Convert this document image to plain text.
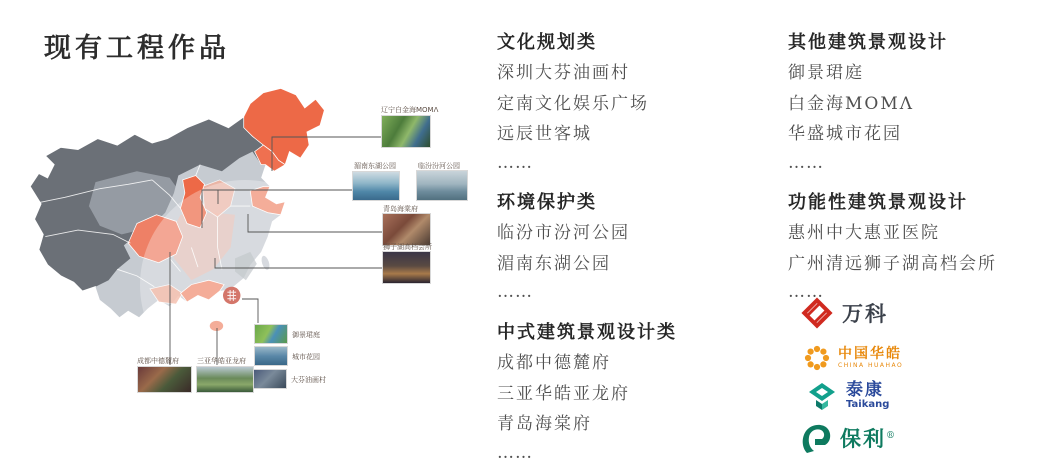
现有工程作品
辽宁白金海MOMΛ
湄南东湖公园	临汾汾河公园
青岛海棠府
狮子湖高档会所
成都中德麓府	三亚华皓亚龙府
御景珺庭
城市花园
大芬油画村
文化规划类
深圳大芬油画村
定南文化娱乐广场
远辰世客城
……
环境保护类
临汾市汾河公园
湄南东湖公园
……
中式建筑景观设计类
成都中德麓府
三亚华皓亚龙府
青岛海棠府
……
其他建筑景观设计
御景珺庭
白金海MOMΛ
华盛城市花园
……
功能性建筑景观设计
惠州中大惠亚医院
广州清远狮子湖高档会所
……
万科
中国华皓
CHINA HUAHAO
泰康
Taikang
保利®
